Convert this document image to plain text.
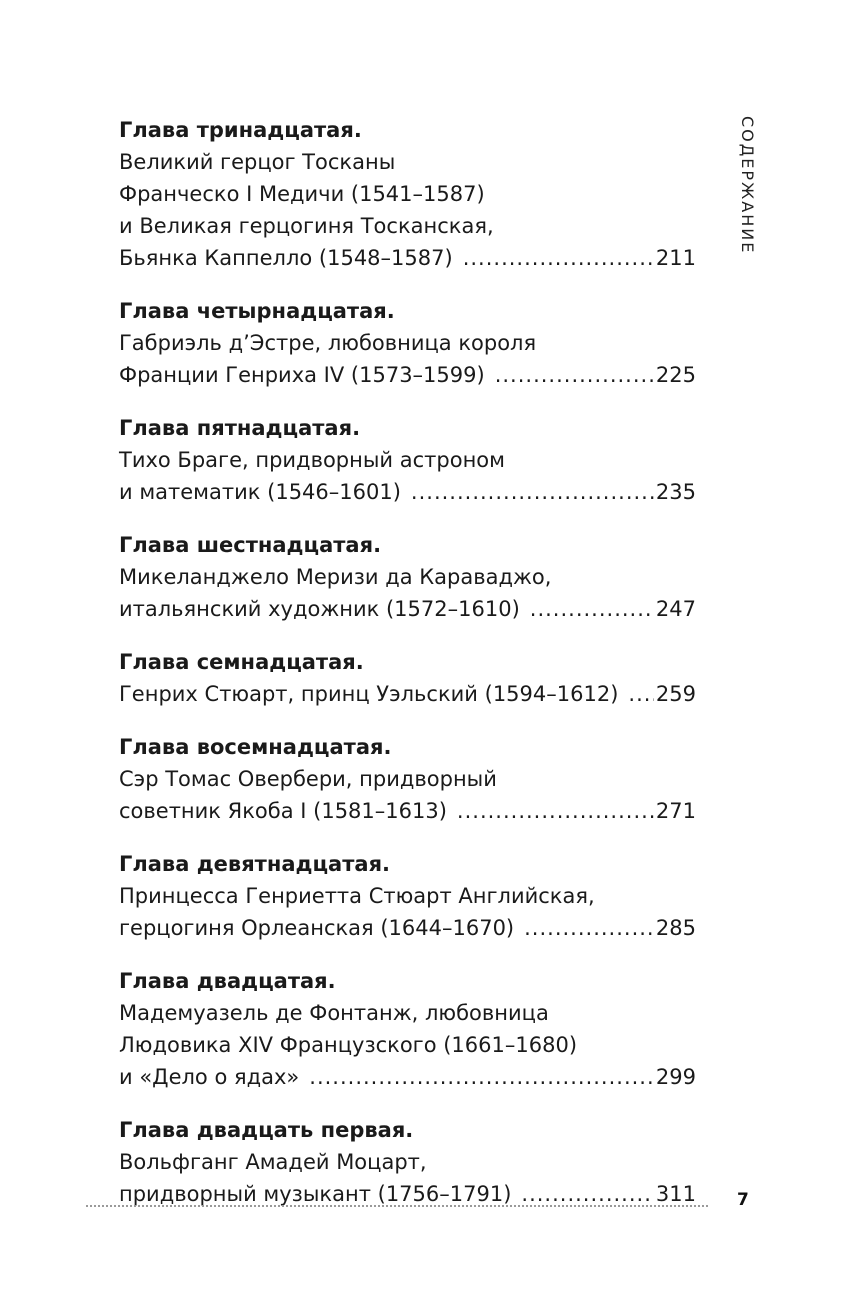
Глава тринадцатая.
Великий герцог Тосканы
Франческо I Медичи (1541–1587)
и Великая герцогиня Тосканская,
Бьянка Каппелло (1548–1587) .....	211
Глава четырнадцатая.
Габриэль д’Эстре, любовница короля
Франции Генриха IV (1573–1599) .....	225
Глава пятнадцатая.
Тихо Браге, придворный астроном
и математик (1546–1601) .....	235
Глава шестнадцатая.
Микеланджело Меризи да Караваджо,
итальянский художник (1572–1610) .....	247
Глава семнадцатая.
Генрих Стюарт, принц Уэльский (1594–1612) ..... 259
Глава восемнадцатая.
Сэр Томас Овербери, придворный
советник Якоба I (1581–1613) .....	271
Глава девятнадцатая.
Принцесса Генриетта Стюарт Английская,
герцогиня Орлеанская (1644–1670) .....	285
Глава двадцатая.
Мадемуазель де Фонтанж, любовница
Людовика XIV Французского (1661–1680)
и «Дело о ядах» .....	299
Глава двадцать первая.
Вольфганг Амадей Моцарт,
придворный музыкант (1756–1791) .....	311
СОДЕРЖАНИЕ
7
